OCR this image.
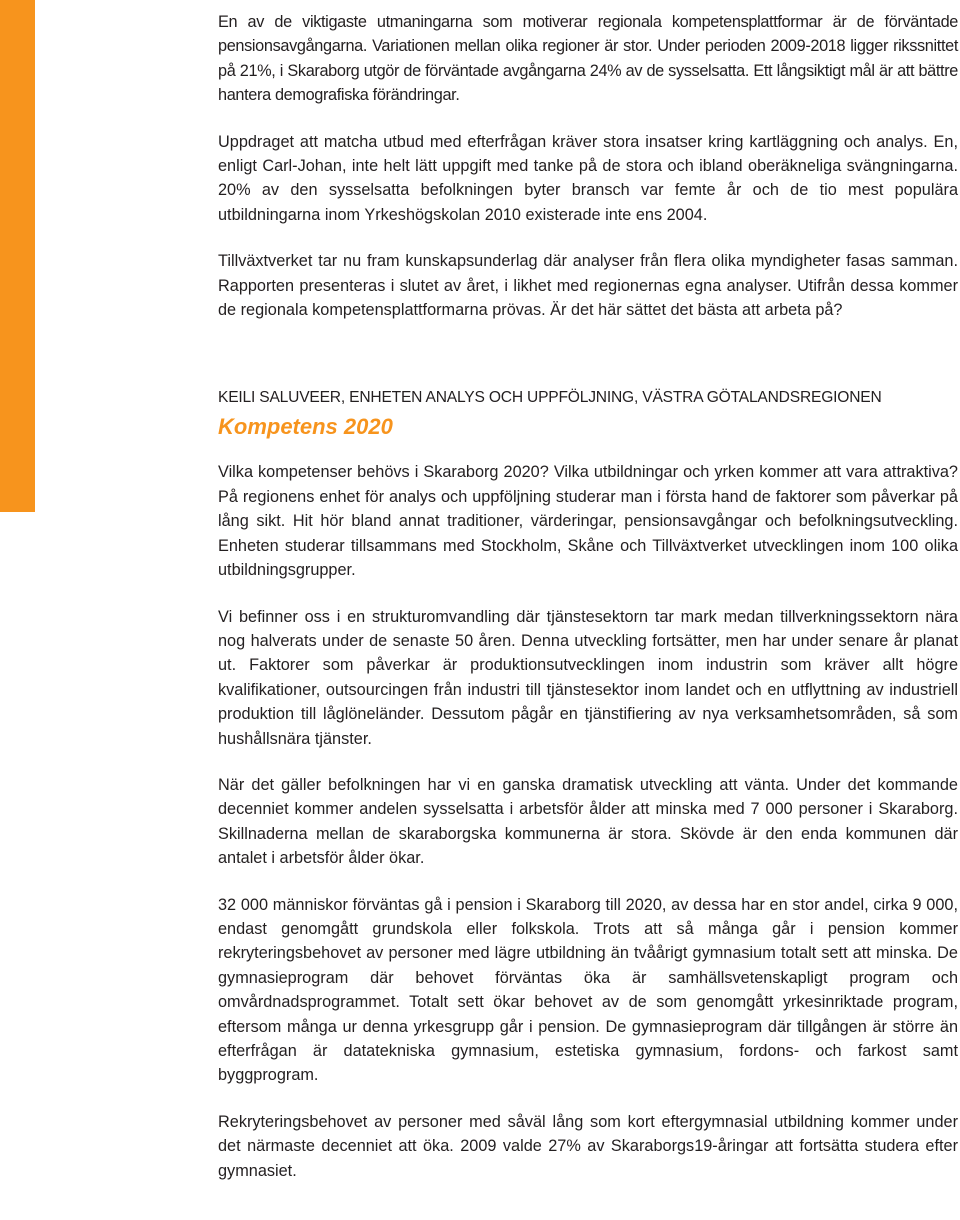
En av de viktigaste utmaningarna som motiverar regionala kompetensplattformar är de förväntade pensionsavgångarna. Variationen mellan olika regioner är stor. Under perioden 2009-2018 ligger rikssnittet på 21%, i Skaraborg utgör de förväntade avgångarna 24% av de sysselsatta. Ett långsiktigt mål är att bättre hantera demografiska förändringar.

Uppdraget att matcha utbud med efterfrågan kräver stora insatser kring kartläggning och analys. En, enligt Carl-Johan, inte helt lätt uppgift med tanke på de stora och ibland oberäkneliga svängningarna. 20% av den sysselsatta befolkningen byter bransch var femte år och de tio mest populära utbildningarna inom Yrkeshögskolan 2010 existerade inte ens 2004.

Tillväxtverket tar nu fram kunskapsunderlag där analyser från flera olika myndigheter fasas samman. Rapporten presenteras i slutet av året, i likhet med regionernas egna analyser. Utifrån dessa kommer de regionala kompetensplattformarna prövas. Är det här sättet det bästa att arbeta på?

KEILI SALUVEER, ENHETEN ANALYS OCH UPPFÖLJNING, VÄSTRA GÖTALANDSREGIONEN
Kompetens 2020

Vilka kompetenser behövs i Skaraborg 2020? Vilka utbildningar och yrken kommer att vara attraktiva? På regionens enhet för analys och uppföljning studerar man i första hand de faktorer som påverkar på lång sikt. Hit hör bland annat traditioner, värderingar, pensionsavgångar och befolkningsutveckling. Enheten studerar tillsammans med Stockholm, Skåne och Tillväxtverket utvecklingen inom 100 olika utbildningsgrupper.

Vi befinner oss i en strukturomvandling där tjänstesektorn tar mark medan tillverkningssektorn nära nog halverats under de senaste 50 åren. Denna utveckling fortsätter, men har under senare år planat ut. Faktorer som påverkar är produktionsutvecklingen inom industrin som kräver allt högre kvalifikationer, outsourcingen från industri till tjänstesektor inom landet och en utflyttning av industriell produktion till låglöneländer. Dessutom pågår en tjänstifiering av nya verksamhetsområden, så som hushållsnära tjänster.

När det gäller befolkningen har vi en ganska dramatisk utveckling att vänta. Under det kommande decenniet kommer andelen sysselsatta i arbetsför ålder att minska med 7 000 personer i Skaraborg. Skillnaderna mellan de skaraborgska kommunerna är stora. Skövde är den enda kommunen där antalet i arbetsför ålder ökar.

32 000 människor förväntas gå i pension i Skaraborg till 2020, av dessa har en stor andel, cirka 9 000, endast genomgått grundskola eller folkskola. Trots att så många går i pension kommer rekryteringsbehovet av personer med lägre utbildning än tvåårigt gymnasium totalt sett att minska. De gymnasieprogram där behovet förväntas öka är samhällsvetenskapligt program och omvårdnadsprogrammet. Totalt sett ökar behovet av de som genomgått yrkesinriktade program, eftersom många ur denna yrkesgrupp går i pension. De gymnasieprogram där tillgången är större än efterfrågan är datatekniska gymnasium, estetiska gymnasium, fordons- och farkost samt byggprogram.

Rekryteringsbehovet av personer med såväl lång som kort eftergymnasial utbildning kommer under det närmaste decenniet att öka. 2009 valde 27% av Skaraborgs19-åringar att fortsätta studera efter gymnasiet.
